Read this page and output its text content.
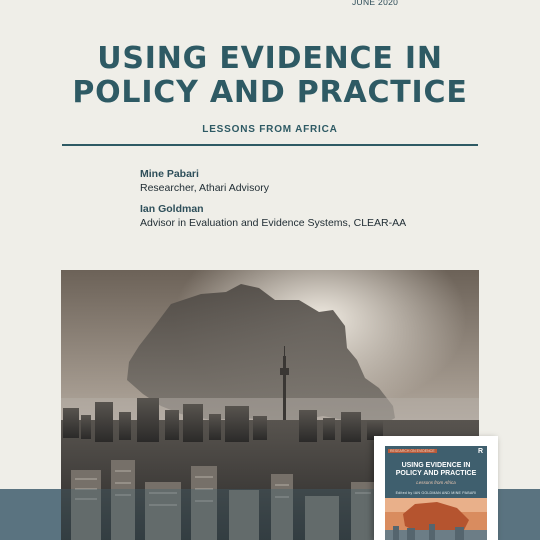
JUNE 2020
USING EVIDENCE IN
POLICY AND PRACTICE
LESSONS FROM AFRICA
Mine Pabari
Researcher, Athari Advisory
Ian Goldman
Advisor in Evaluation and Evidence Systems, CLEAR-AA
RESEARCH ON EVIDENCE	R
USING EVIDENCE IN
POLICY AND PRACTICE
Lessons from Africa
Edited by IAN GOLDMAN AND MINE PABARI
